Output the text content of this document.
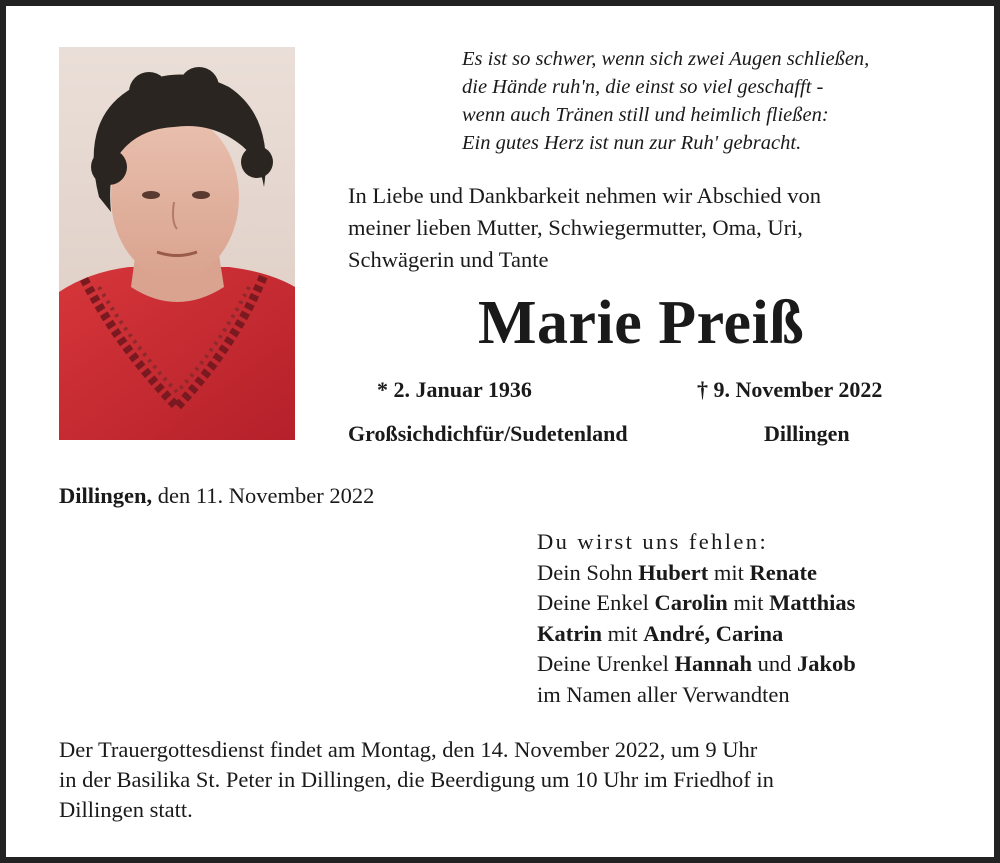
Es ist so schwer, wenn sich zwei Augen schließen,
die Hände ruh'n, die einst so viel geschafft -
wenn auch Tränen still und heimlich fließen:
Ein gutes Herz ist nun zur Ruh' gebracht.
In Liebe und Dankbarkeit nehmen wir Abschied von
meiner lieben Mutter, Schwiegermutter, Oma, Uri,
Schwägerin und Tante
Marie Preiß
* 2. Januar 1936	† 9. November 2022
Großsichdichfür/Sudetenland	Dillingen
Dillingen, den 11. November 2022
Du wirst uns fehlen:
Dein Sohn Hubert mit Renate
Deine Enkel Carolin mit Matthias
Katrin mit André, Carina
Deine Urenkel Hannah und Jakob
im Namen aller Verwandten
Der Trauergottesdienst findet am Montag, den 14. November 2022, um 9 Uhr
in der Basilika St. Peter in Dillingen, die Beerdigung um 10 Uhr im Friedhof in
Dillingen statt.
